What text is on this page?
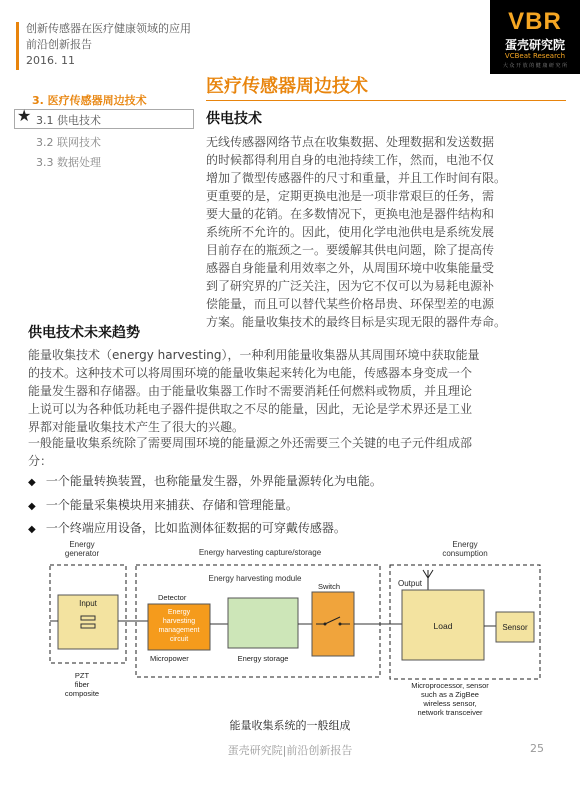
创新传感器在医疗健康领域的应用
前沿创新报告
2016. 11
VBR
蛋壳研究院
VCBeat Research
大 众 开 放 的 健 康 研 究 所
医疗传感器周边技术
3. 医疗传感器周边技术
★ 3.1 供电技术
3.2 联网技术
3.3 数据处理
供电技术
无线传感器网络节点在收集数据、处理数据和发送数据
的时候都得利用自身的电池持续工作，然而，电池不仅
增加了微型传感器件的尺寸和重量，并且工作时间有限。
更重要的是，定期更换电池是一项非常艰巨的任务，需
要大量的花销。在多数情况下，更换电池是器件结构和
系统所不允许的。因此，使用化学电池供电是系统发展
目前存在的瓶颈之一。要缓解其供电问题，除了提高传
感器自身能量利用效率之外，从周围环境中收集能量受
到了研究界的广泛关注，因为它不仅可以为易耗电源补
偿能量，而且可以替代某些价格昂贵、环保型差的电源
方案。能量收集技术的最终目标是实现无限的器件寿命。
供电技术未来趋势
能量收集技术（energy harvesting），一种利用能量收集器从其周围环境中获取能量
的技术。这种技术可以将周围环境的能量收集起来转化为电能，传感器本身变成一个
能量发生器和存储器。由于能量收集器工作时不需要消耗任何燃料或物质，并且理论
上说可以为各种低功耗电子器件提供取之不尽的能量，因此，无论是学术界还是工业
界都对能量收集技术产生了很大的兴趣。
一般能量收集系统除了需要周围环境的能量源之外还需要三个关键的电子元件组成部
分：
◆ 一个能量转换装置，也称能量发生器，外界能量源转化为电能。
◆ 一个能量采集模块用来捕获、存储和管理能量。
◆ 一个终端应用设备，比如监测体征数据的可穿戴传感器。
Energy generator	Energy harvesting capture/storage
Energy consumption
Energy harvesting module
Input
Detector
Energy harvesting management circuit
Micropower	Energy storage
Switch	Output
Load	Sensor
PZT fiber composite
Microprocessor, sensor such as a ZigBee wireless sensor, network transceiver
能量收集系统的一般组成
蛋壳研究院|前沿创新报告	25
